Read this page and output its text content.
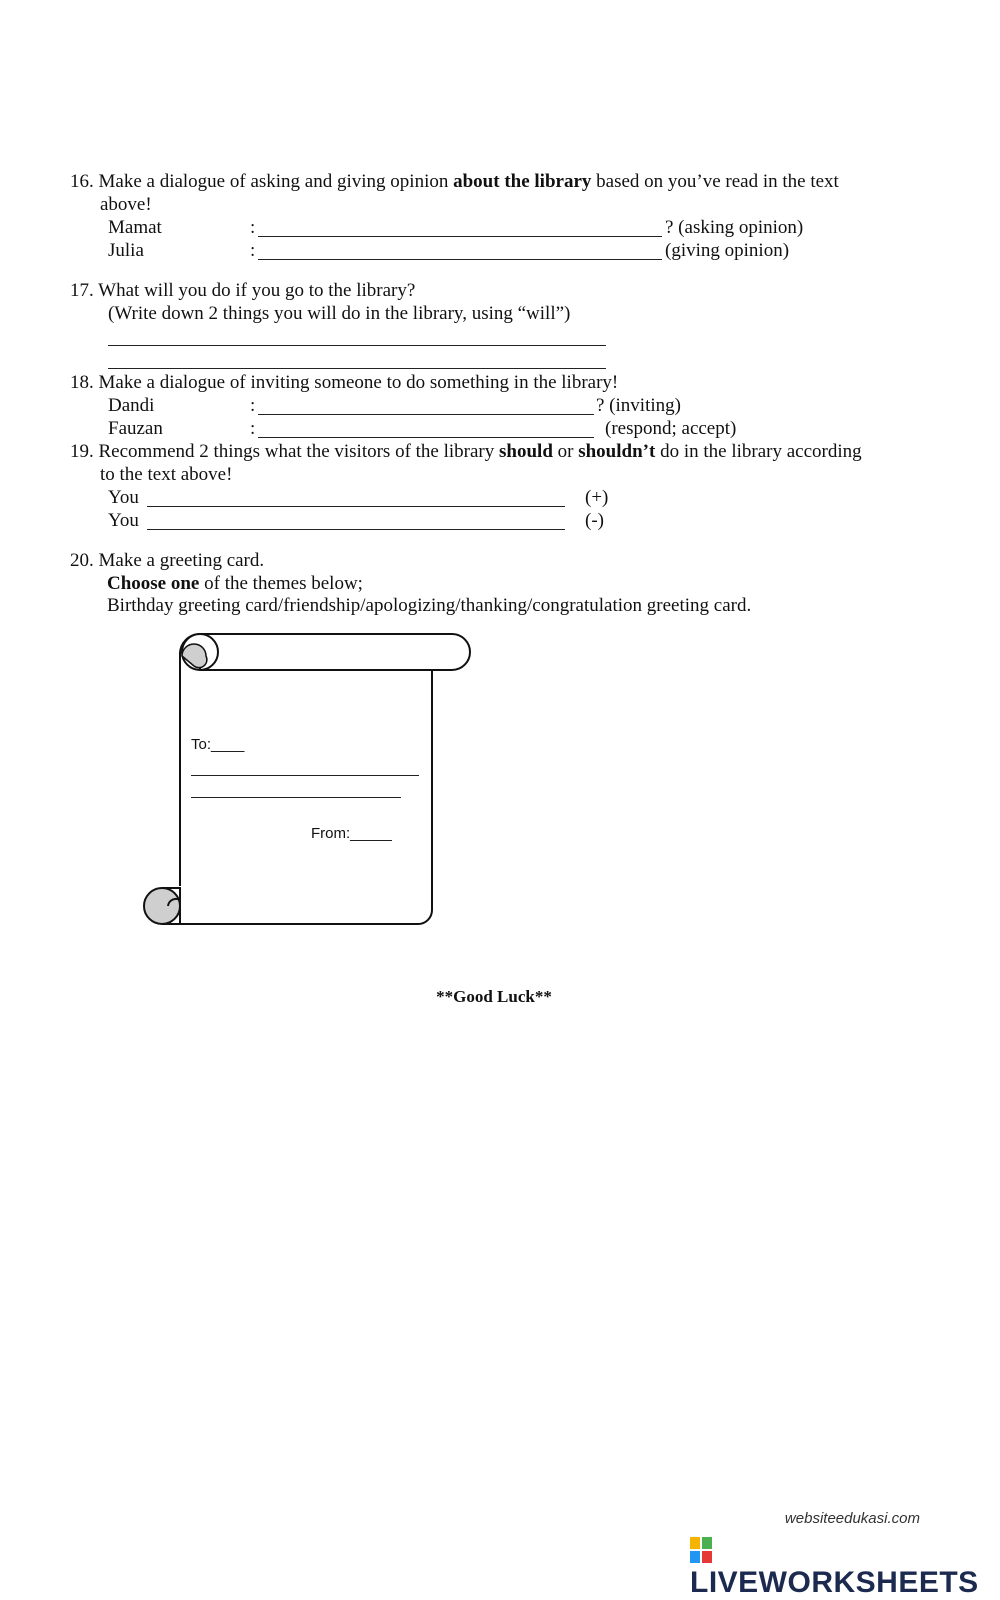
16. Make a dialogue of asking and giving opinion about the library based on you’ve read in the text
above!
Mamat	:	? (asking opinion)
Julia	:	(giving opinion)
17. What will you do if you go to the library?
(Write down 2 things you will do in the library, using “will”)
18. Make a dialogue of inviting someone to do something in the library!
Dandi	:	? (inviting)
Fauzan	:	(respond; accept)
19. Recommend 2 things what the visitors of the library should or shouldn’t do in the library according
to the text above!
You	(+)
You	(-)
20. Make a greeting card.
Choose one of the themes below;
Birthday greeting card/friendship/apologizing/thanking/congratulation greeting card.
To:____
From:_____
**Good Luck**
websiteedukasi.com
LIVEWORKSHEETS
